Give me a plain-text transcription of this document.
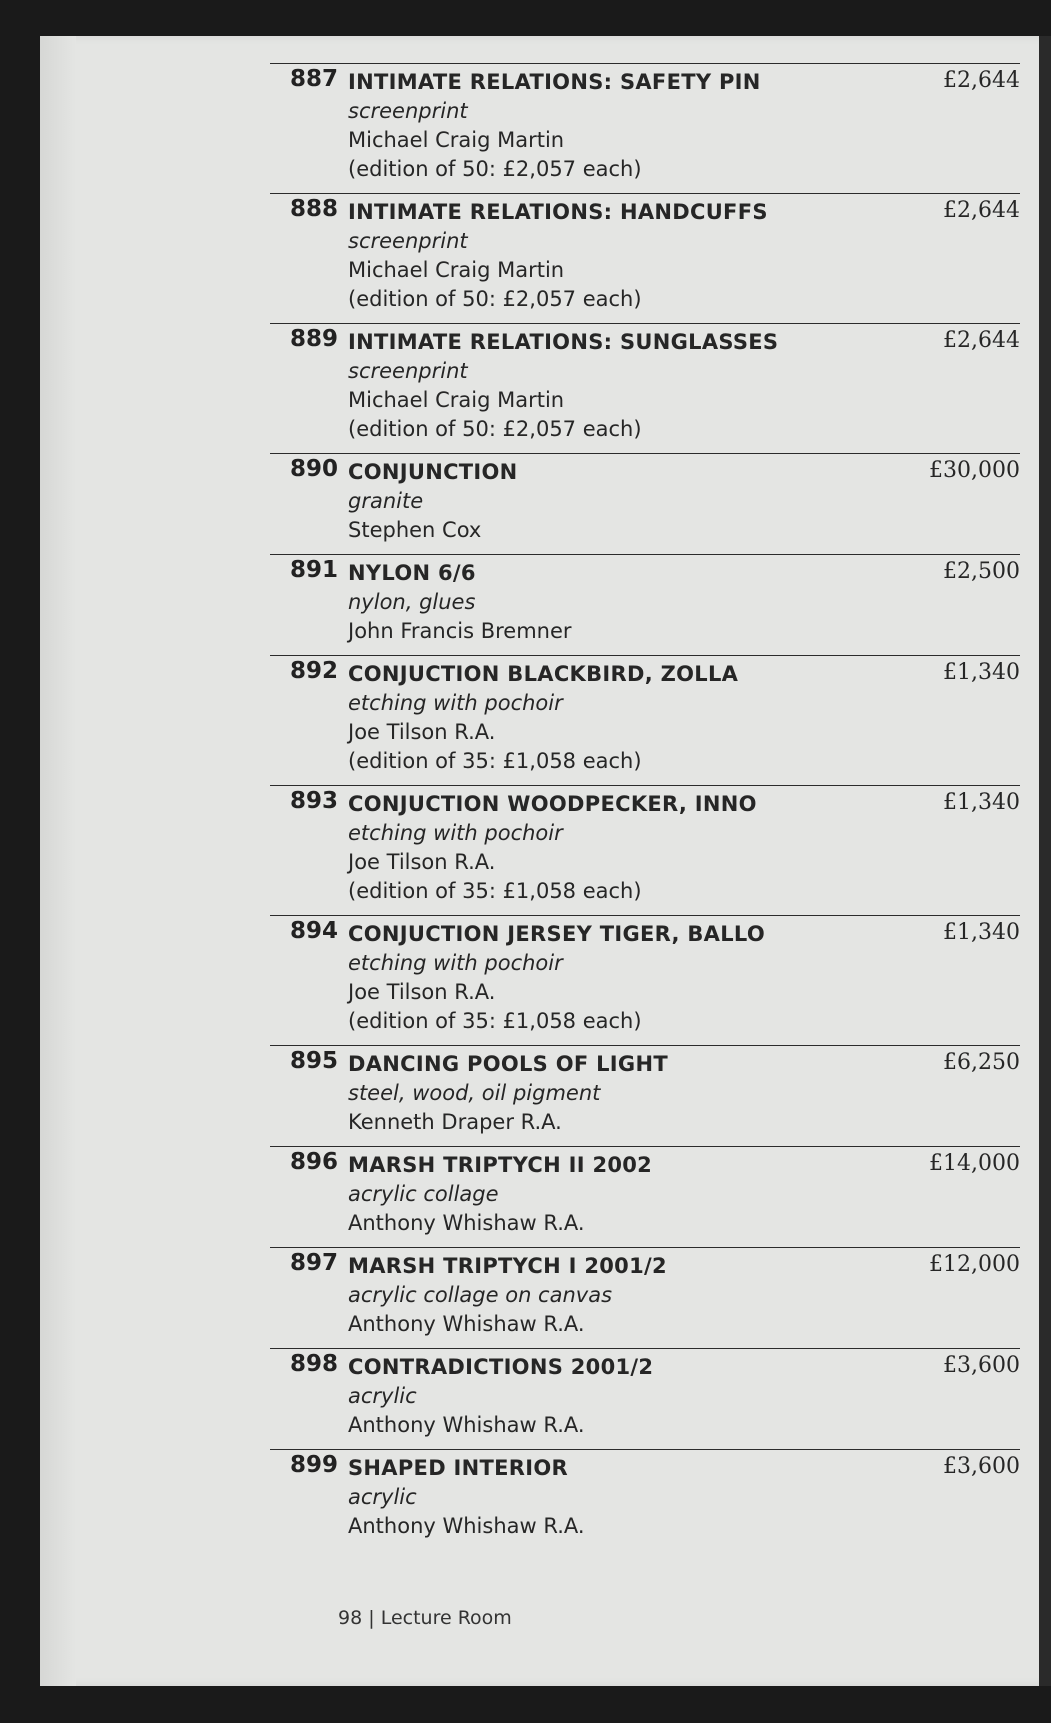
887 INTIMATE RELATIONS: SAFETY PIN
screenprint
Michael Craig Martin
(edition of 50: £2,057 each)
£2,644
888 INTIMATE RELATIONS: HANDCUFFS
screenprint
Michael Craig Martin
(edition of 50: £2,057 each)
£2,644
889 INTIMATE RELATIONS: SUNGLASSES
screenprint
Michael Craig Martin
(edition of 50: £2,057 each)
£2,644
890 CONJUNCTION
granite
Stephen Cox
£30,000
891 NYLON 6/6
nylon, glues
John Francis Bremner
£2,500
892 CONJUCTION BLACKBIRD, ZOLLA
etching with pochoir
Joe Tilson R.A.
(edition of 35: £1,058 each)
£1,340
893 CONJUCTION WOODPECKER, INNO
etching with pochoir
Joe Tilson R.A.
(edition of 35: £1,058 each)
£1,340
894 CONJUCTION JERSEY TIGER, BALLO
etching with pochoir
Joe Tilson R.A.
(edition of 35: £1,058 each)
£1,340
895 DANCING POOLS OF LIGHT
steel, wood, oil pigment
Kenneth Draper R.A.
£6,250
896 MARSH TRIPTYCH II 2002
acrylic collage
Anthony Whishaw R.A.
£14,000
897 MARSH TRIPTYCH I 2001/2
acrylic collage on canvas
Anthony Whishaw R.A.
£12,000
898 CONTRADICTIONS 2001/2
acrylic
Anthony Whishaw R.A.
£3,600
899 SHAPED INTERIOR
acrylic
Anthony Whishaw R.A.
£3,600
98 | Lecture Room
